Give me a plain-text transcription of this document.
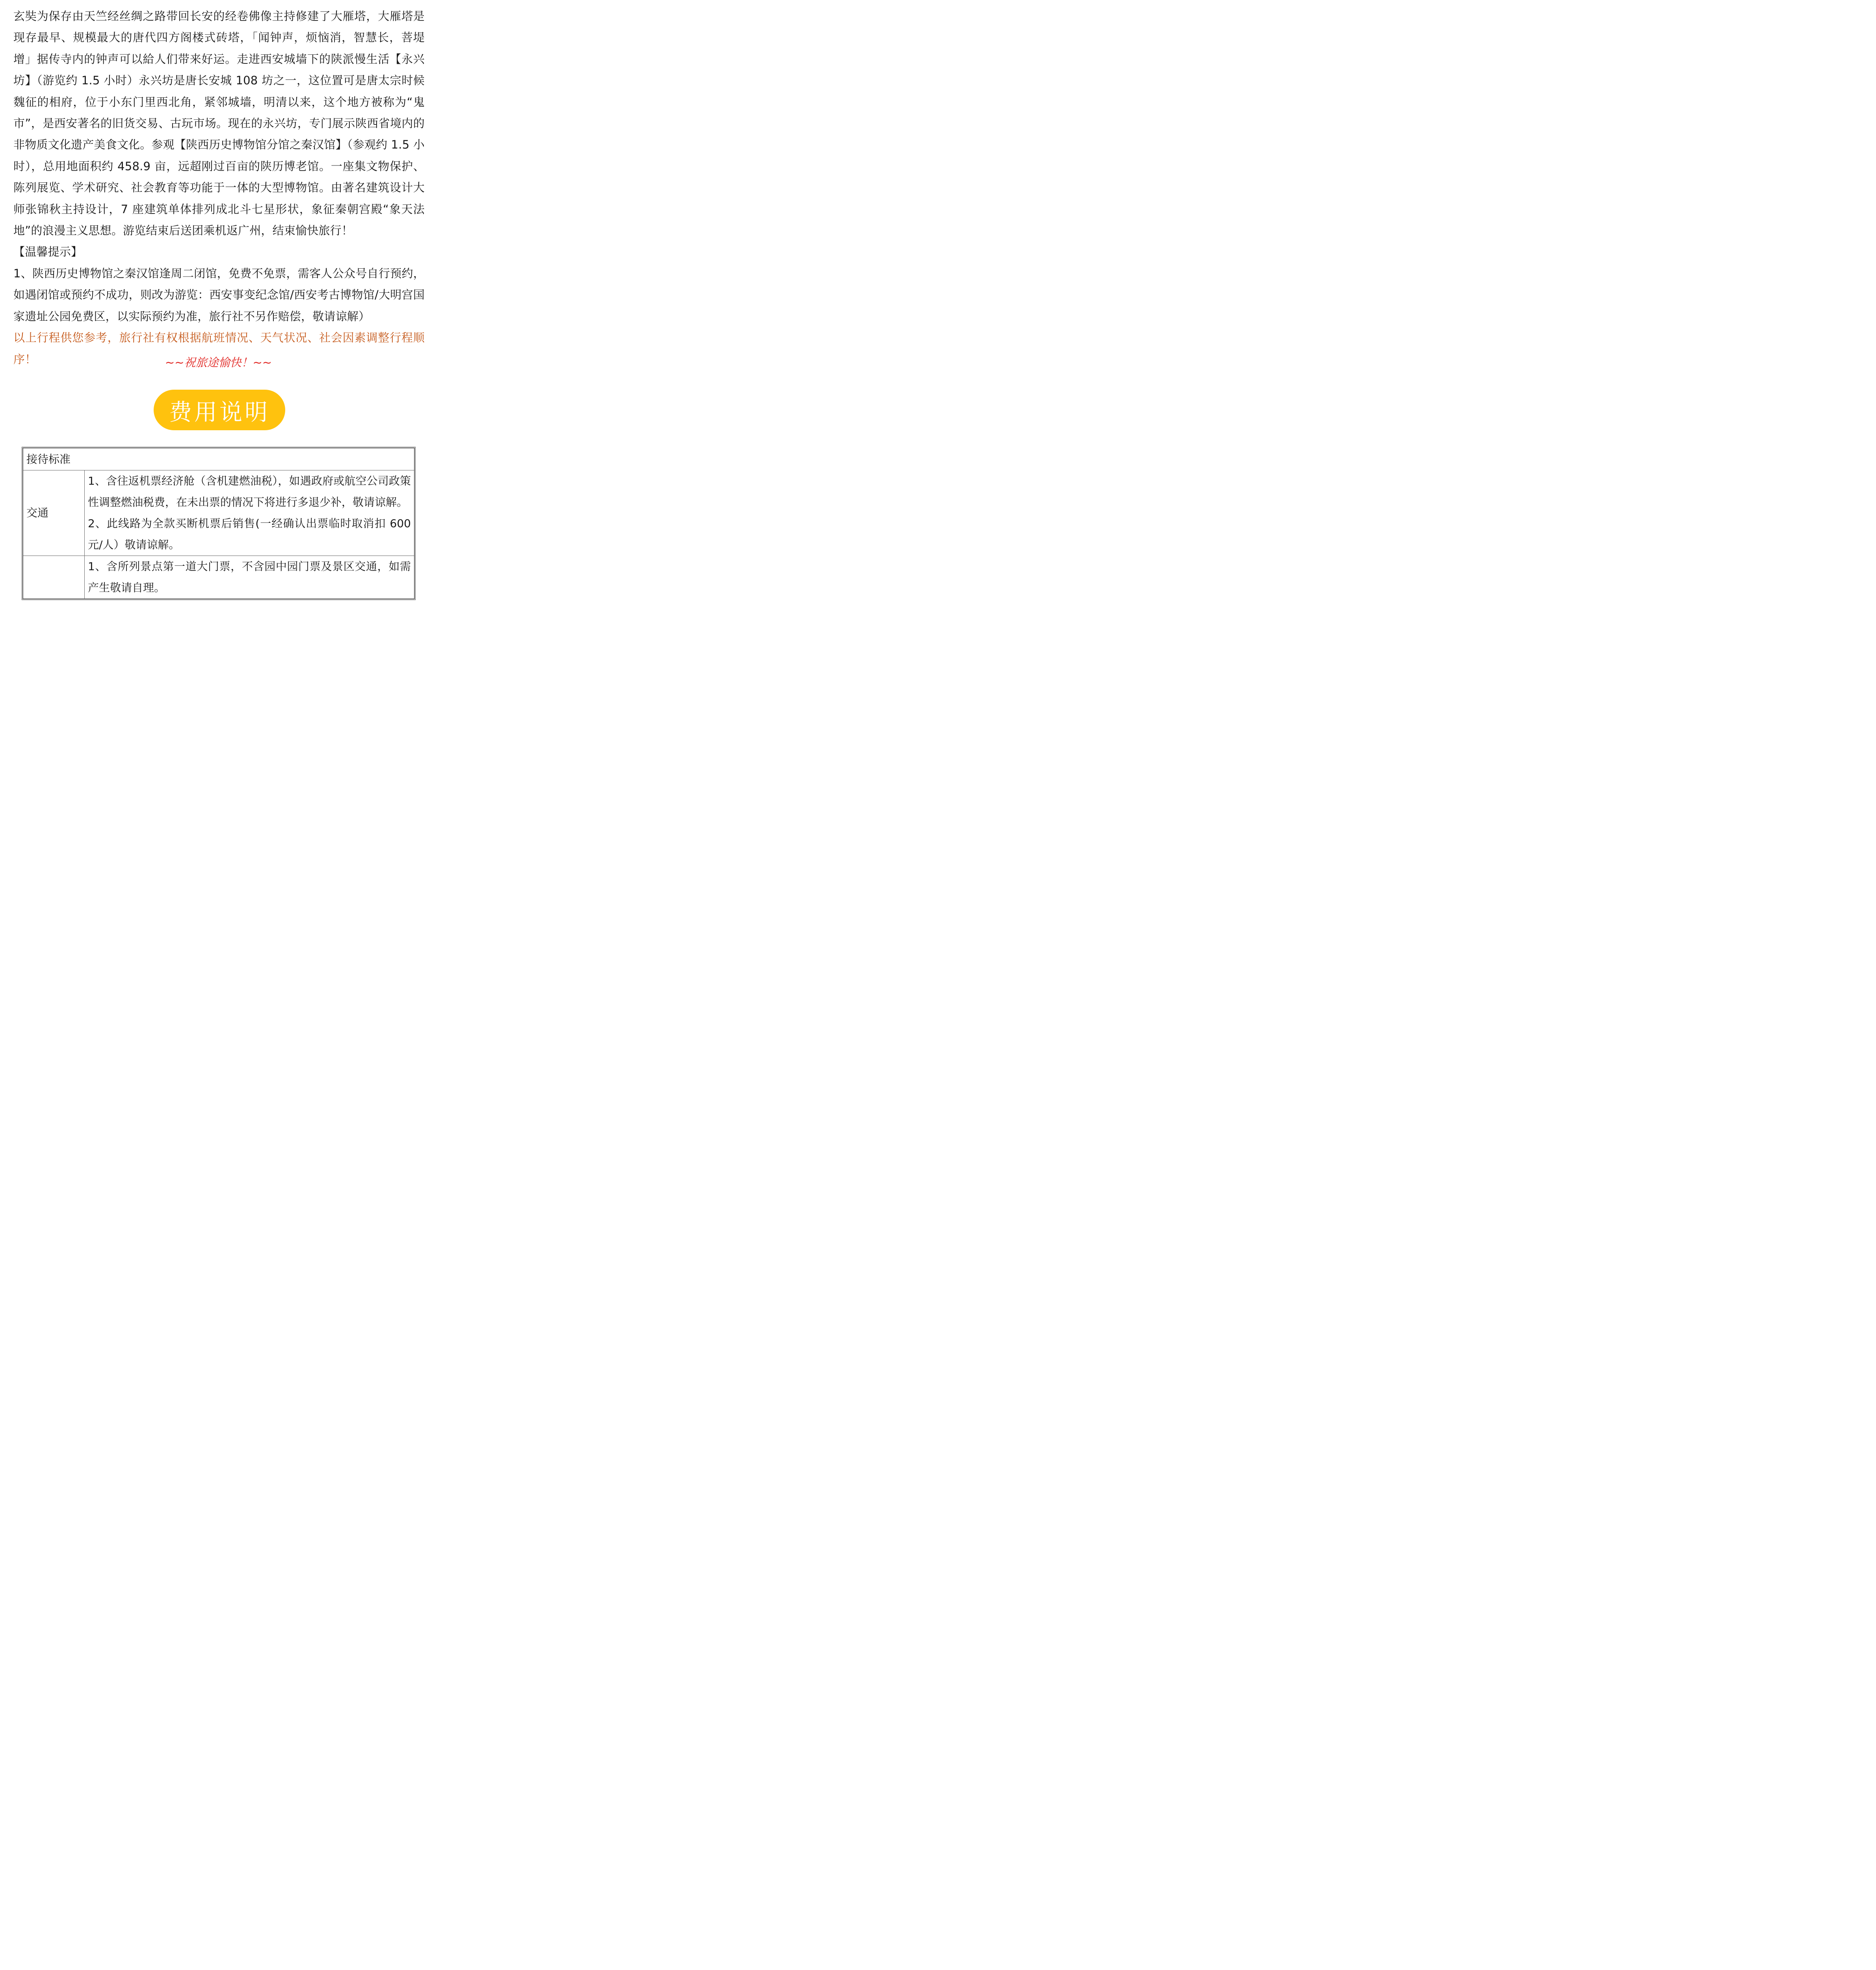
玄奘为保存由天竺经丝绸之路带回长安的经卷佛像主持修建了大雁塔，大雁塔是现存最早、规模最大的唐代四方阁楼式砖塔，「闻钟声，烦恼消，智慧长，菩堤增」据传寺内的钟声可以給人们带来好运。走进西安城墙下的陕派慢生活【永兴坊】（游览约 1.5 小时）永兴坊是唐长安城 108 坊之一，这位置可是唐太宗时候魏征的相府，位于小东门里西北角，紧邻城墙，明清以来，这个地方被称为“鬼市”，是西安著名的旧货交易、古玩市场。现在的永兴坊，专门展示陕西省境内的非物质文化遗产美食文化。参观【陕西历史博物馆分馆之秦汉馆】（参观约 1.5 小时），总用地面积约 458.9 亩，远超刚过百亩的陕历博老馆。一座集文物保护、陈列展览、学术研究、社会教育等功能于一体的大型博物馆。由著名建筑设计大师张锦秋主持设计，7 座建筑单体排列成北斗七星形状，象征秦朝宫殿“象天法地”的浪漫主义思想。游览结束后送团乘机返广州，结束愉快旅行！

【温馨提示】

1、陕西历史博物馆之秦汉馆逢周二闭馆，免费不免票，需客人公众号自行预约，如遇闭馆或预约不成功，则改为游览：西安事变纪念馆/西安考古博物馆/大明宫国家遗址公园免费区，以实际预约为准，旅行社不另作赔偿，敬请谅解）

以上行程供您参考，旅行社有权根据航班情况、天气状况、社会因素调整行程顺序！	~~祝旅途愉快！~~
费用说明
接待标准	
交通	1、含往返机票经济舱（含机建燃油税），如遇政府或航空公司政策性调整燃油税费，在未出票的情况下将进行多退少补，敬请谅解。

2、此线路为全款买断机票后销售(一经确认出票临时取消扣 600 元/人）敬请谅解。

	1、含所列景点第一道大门票，不含园中园门票及景区交通，如需产生敬请自理。
